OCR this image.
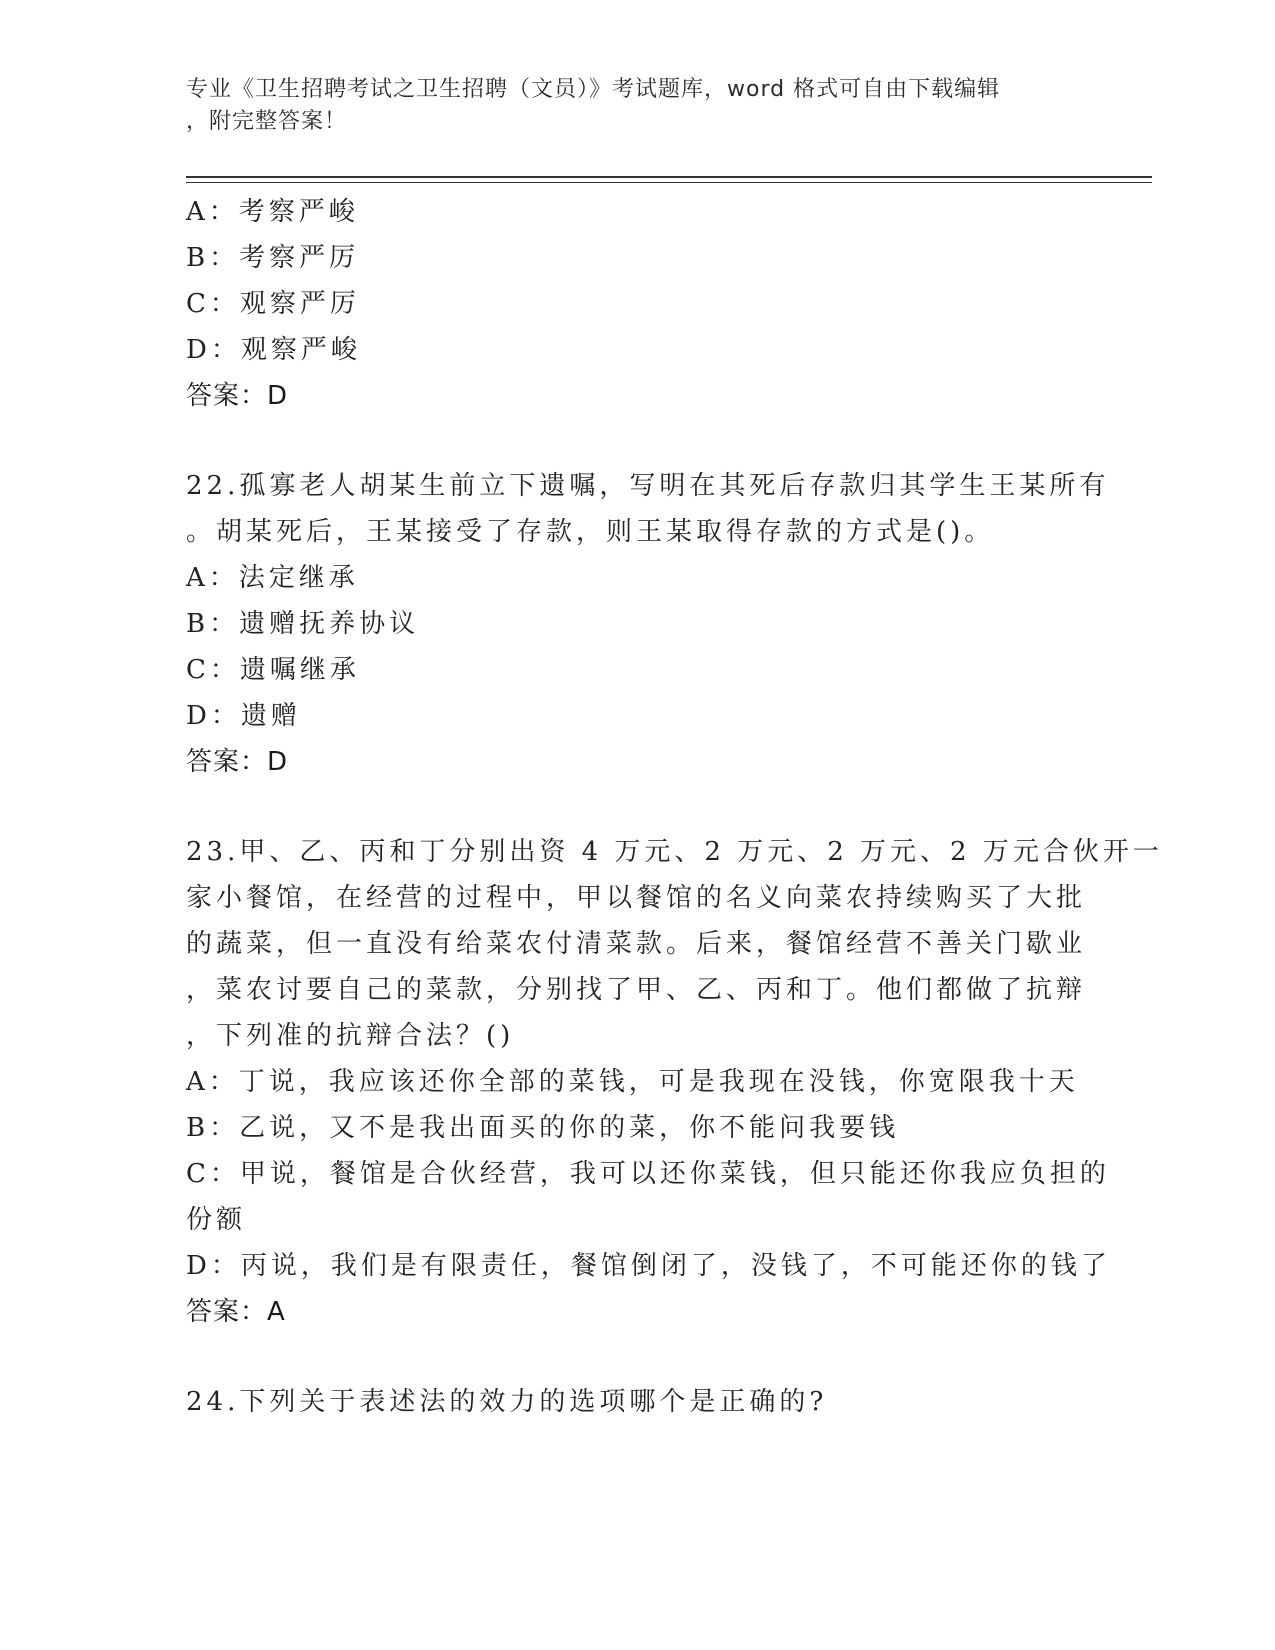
专业《卫生招聘考试之卫生招聘（文员）》考试题库，word 格式可自由下载编辑
，附完整答案！
A：考察严峻
B：考察严厉
C：观察严厉
D：观察严峻
答案：D
22.孤寡老人胡某生前立下遗嘱，写明在其死后存款归其学生王某所有
。胡某死后，王某接受了存款，则王某取得存款的方式是()。
A：法定继承
B：遗赠抚养协议
C：遗嘱继承
D：遗赠
答案：D
23.甲、乙、丙和丁分别出资 4 万元、2 万元、2 万元、2 万元合伙开一
家小餐馆，在经营的过程中，甲以餐馆的名义向菜农持续购买了大批
的蔬菜，但一直没有给菜农付清菜款。后来，餐馆经营不善关门歇业
，菜农讨要自己的菜款，分别找了甲、乙、丙和丁。他们都做了抗辩
，下列准的抗辩合法？()
A：丁说，我应该还你全部的菜钱，可是我现在没钱，你宽限我十天
B：乙说，又不是我出面买的你的菜，你不能问我要钱
C：甲说，餐馆是合伙经营，我可以还你菜钱，但只能还你我应负担的
份额
D：丙说，我们是有限责任，餐馆倒闭了，没钱了，不可能还你的钱了
答案：A
24.下列关于表述法的效力的选项哪个是正确的?
